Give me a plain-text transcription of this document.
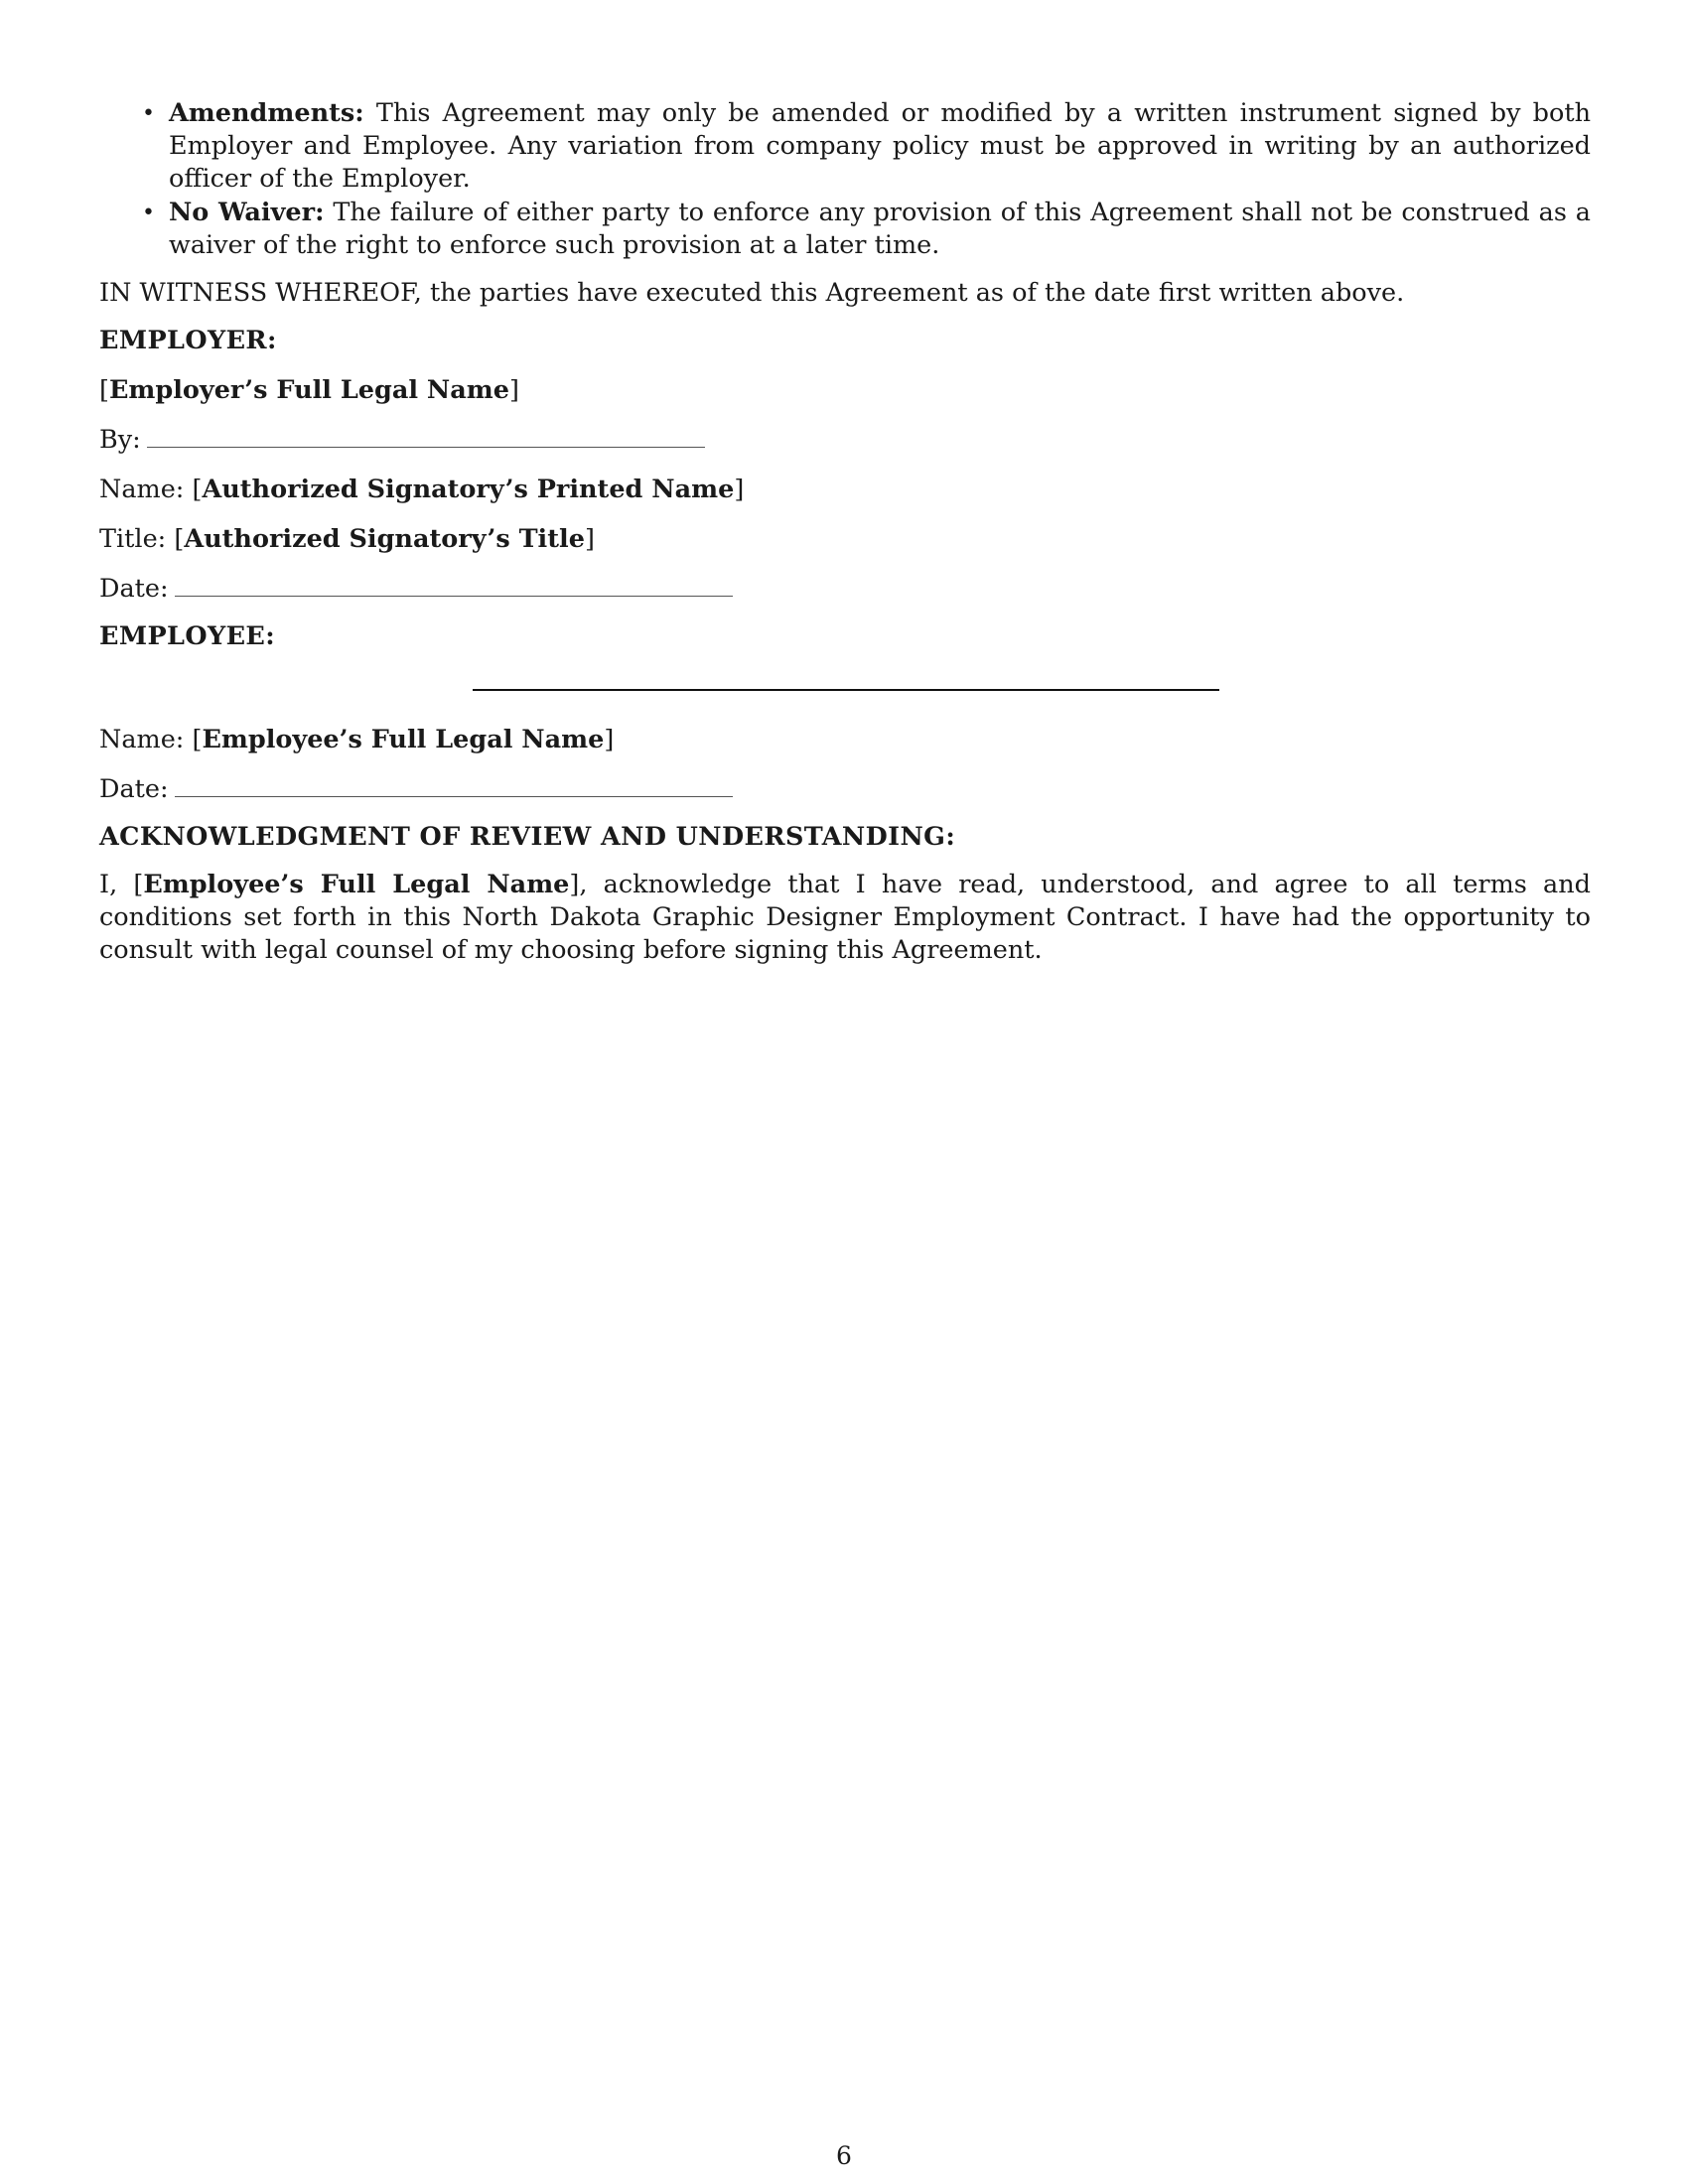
• Amendments: This Agreement may only be amended or modified by a written instrument signed by both Employer and Employee. Any variation from company policy must be approved in writing by an authorized officer of the Employer.
• No Waiver: The failure of either party to enforce any provision of this Agreement shall not be construed as a waiver of the right to enforce such provision at a later time.

IN WITNESS WHEREOF, the parties have executed this Agreement as of the date first written above.

EMPLOYER:

[Employer’s Full Legal Name]

By:

Name: [Authorized Signatory’s Printed Name]

Title: [Authorized Signatory’s Title]

Date:

EMPLOYEE:

Name: [Employee’s Full Legal Name]

Date:

ACKNOWLEDGMENT OF REVIEW AND UNDERSTANDING:

I, [Employee’s Full Legal Name], acknowledge that I have read, understood, and agree to all terms and conditions set forth in this North Dakota Graphic Designer Employment Contract. I have had the opportunity to consult with legal counsel of my choosing before signing this Agreement.

6
